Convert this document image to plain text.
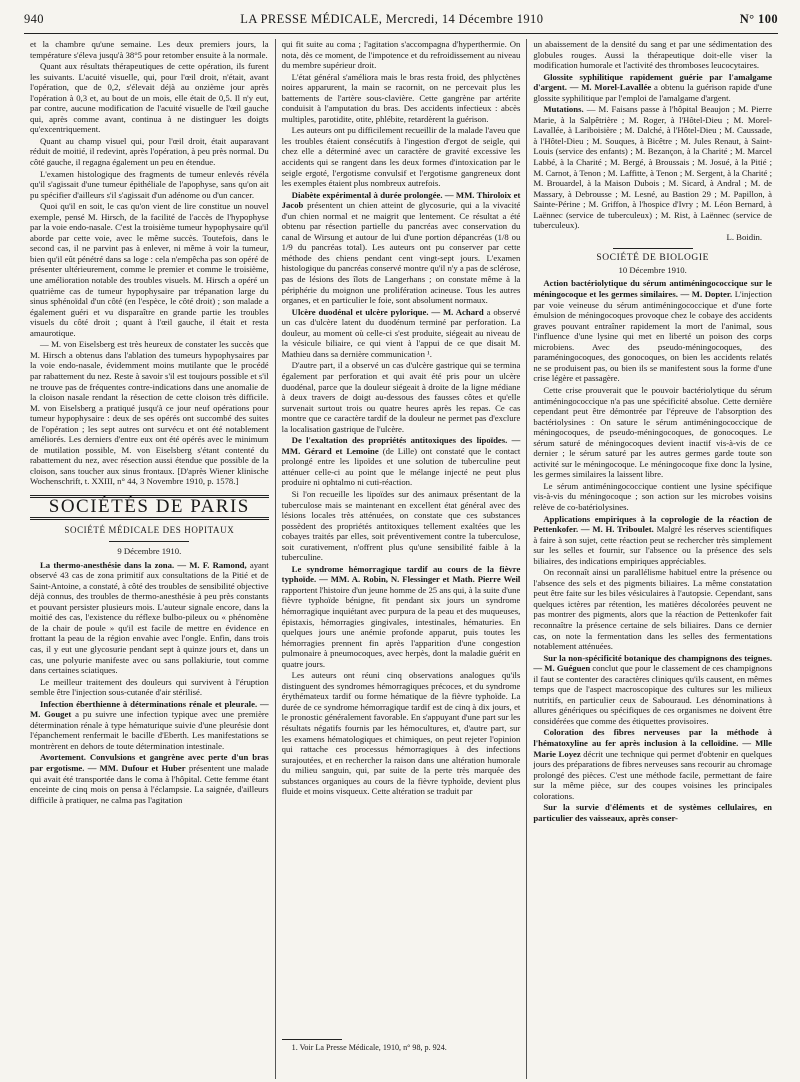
940	LA PRESSE MÉDICALE, Mercredi, 14 Décembre 1910	N° 100

et la chambre qu'une semaine. Les deux premiers jours, la température s'éleva jusqu'à 38°5 pour retomber ensuite à la normale.

Quant aux résultats thérapeutiques de cette opération, ils furent les suivants. L'acuité visuelle, qui, pour l'œil droit, n'était, avant l'opération, que de 0,2, s'élevait déjà au onzième jour après l'opération à 0,3 et, au bout de un mois, elle était de 0,5. Il n'y eut, par contre, aucune modification de l'acuité visuelle de l'œil gauche qui, après comme avant, continua à ne distinguer les doigts qu'excentriquement.

Quant au champ visuel qui, pour l'œil droit, était auparavant réduit de moitié, il redevint, après l'opération, à peu près normal. Du côté gauche, il regagna également un peu en étendue.

L'examen histologique des fragments de tumeur enlevés révéla qu'il s'agissait d'une tumeur épithéliale de l'apophyse, sans qu'on ait pu spécifier d'ailleurs s'il s'agissait d'un adénome ou d'un cancer.

Quoi qu'il en soit, le cas qu'on vient de lire constitue un nouvel exemple, pensé M. Hirsch, de la facilité de l'accès de l'hypophyse par la voie endo-nasale. C'est la troisième tumeur hypophysaire qu'il aborde par cette voie, avec le même succès. Toutefois, dans le second cas, il ne parvint pas à enlever, ni même à voir la tumeur, bien qu'il eût pénétré dans sa loge : cela n'empêcha pas son opéré de présenter ultérieurement, comme le premier et comme le troisième, une amélioration notable des troubles visuels. M. Hirsch a opéré un quatrième cas de tumeur hypophysaire par trépanation large du sinus sphénoïdal d'un côté (en l'espèce, le côté droit) ; son malade a également guéri et vu disparaître en grande partie les troubles visuels du côté droit ; quant à l'œil gauche, il était et resta amaurotique.

— M. von Eiselsberg est très heureux de constater les succès que M. Hirsch a obtenus dans l'ablation des tumeurs hypophysaires par la voie endo-nasale, évidemment moins mutilante que le procédé par rabattement du nez. Reste à savoir s'il est toujours possible et s'il ne trouve pas de fréquentes contre-indications dans une anomalie de la cloison nasale rendant la résection de cette cloison très difficile. M. von Eiselsberg a pratiqué jusqu'à ce jour neuf opérations pour tumeur hypophysaire : deux de ses opérés ont succombé des suites de l'opération ; les sept autres ont survécu et ont été notablement améliorés. Les derniers d'entre eux ont été opérés avec le minimum de mutilation possible, M. von Eiselsberg s'étant contenté du rabattement du nez, avec résection aussi étendue que possible de la cloison, sans toucher aux sinus frontaux. [D'après Wiener klinische Wochenschrift, t. XXIII, n° 44, 3 Novembre 1910, p. 1578.]

SOCIÉTÉS DE PARIS
SOCIÉTÉ MÉDICALE DES HOPITAUX
9 Décembre 1910.

La thermo-anesthésie dans la zona. — M. F. Ramond, ayant observé 43 cas de zona primitif aux consultations de la Pitié et de Saint-Antoine, a constaté, à côté des troubles de sensibilité objective déjà connus, des troubles de thermo-anesthésie à peu près constants et pouvant persister plusieurs mois. L'auteur signale encore, dans la moitié des cas, l'existence du réflexe bulbo-pileux ou « phénomène de la chair de poule » qu'il est facile de mettre en évidence en frottant la peau de la région envahie avec l'ongle. Enfin, dans trois cas, il y eut une glycosurie pendant sept à quinze jours et, dans un cas, une polyurie manifeste avec ou sans pollakiurie, tout comme dans certaines sciatiques.

Le meilleur traitement des douleurs qui survivent à l'éruption semble être l'injection sous-cutanée d'air stérilisé.

Infection éberthienne à déterminations rénale et pleurale. — M. Gouget a pu suivre une infection typique avec une première détermination rénale à type hématurique suivie d'une pleurésie dont l'épanchement renfermait le bacille d'Eberth. Les manifestations se montrèrent en dehors de toute détermination intestinale.

Avortement. Convulsions et gangrène avec perte d'un bras par ergotisme. — MM. Dufour et Huber présentent une malade qui avait été transportée dans le coma à l'hôpital. Cette femme étant enceinte de cinq mois on pensa à l'éclampsie. La saignée, d'ailleurs difficile à pratiquer, ne calma pas l'agitation

qui fit suite au coma ; l'agitation s'accompagna d'hyperthermie. On nota, dès ce moment, de l'impotence et du refroidissement au niveau du membre supérieur droit.

L'état général s'améliora mais le bras resta froid, des phlyctènes noires apparurent, la main se racornit, on ne percevait plus les battements de l'artère sous-clavière. Cette gangrène par artérite conduisit à l'amputation du bras. Des accidents infectieux : abcès multiples, parotidite, otite, phlébite, retardèrent la guérison.

Les auteurs ont pu difficilement recueillir de la malade l'aveu que les troubles étaient consécutifs à l'ingestion d'ergot de seigle, qui chez elle a déterminé avec un caractère de gravité excessive les accidents qui se rangent dans les deux formes d'intoxication par le seigle ergoté, l'ergotisme convulsif et l'ergotisme gangreneux dont les exemples étaient plus nombreux autrefois.

Diabète expérimental à durée prolongée. — MM. Thiroloix et Jacob présentent un chien atteint de glycosurie, qui a la vivacité d'un chien normal et ne maigrit que lentement. Ce résultat a été obtenu par résection partielle du pancréas avec conservation du canal de Wirsung et autour de lui d'une portion dépancréas (1/8 ou 1/9 du pancréas total). Les auteurs ont pu conserver par cette méthode des chiens pendant cent vingt-sept jours. L'examen histologique du pancréas conservé montre qu'il n'y a pas de sclérose, pas de lésions des îlots de Langerhans ; on constate même à la périphérie du moignon une prolifération acineuse. Tous les autres organes, et en particulier le foie, sont absolument normaux.

Ulcère duodénal et ulcère pylorique. — M. Achard a observé un cas d'ulcère latent du duodénum terminé par perforation. La douleur, au moment où celle-ci s'est produite, siégeait au niveau de la vésicule biliaire, ce qui vient à l'appui de ce que disait M. Mathieu dans sa dernière communication ¹.

D'autre part, il a observé un cas d'ulcère gastrique qui se termina également par perforation et qui avait été pris pour un ulcère duodénal, parce que la douleur siégeait à droite de la ligne médiane à deux travers de doigt au-dessous des fausses côtes et qu'elle survenait surtout trois ou quatre heures après les repas. Ce cas montre que ce caractère tardif de la douleur ne permet pas d'exclure la localisation gastrique de l'ulcère.

De l'exaltation des propriétés antitoxiques des lipoïdes. — MM. Gérard et Lemoine (de Lille) ont constaté que le contact prolongé entre les lipoïdes et une solution de tuberculine peut atténuer celle-ci au point que le mélange injecté ne peut plus produire ni ophtalmo ni cuti-réaction.

Si l'on recueille les lipoïdes sur des animaux présentant de la tuberculose mais se maintenant en excellent état général avec des lésions locales très atténuées, on constate que ces substances possèdent des propriétés antitoxiques tellement exaltées que les cobayes traités par elles, soit préventivement contre la tuberculose, soit curativement, n'offrent plus qu'une sensibilité faible à la tuberculine.

Le syndrome hémorragique tardif au cours de la fièvre typhoïde. — MM. A. Robin, N. Flessinger et Math. Pierre Weil rapportent l'histoire d'un jeune homme de 25 ans qui, à la suite d'une fièvre typhoïde bénigne, fit pendant six jours un syndrome hémorragique inquiétant avec purpura de la peau et des muqueuses, épistaxis, hémorragies gingivales, intestinales, hématuries. En quelques jours une anémie profonde apparut, puis toutes les hémorragies prennent fin après l'apparition d'une congestion pulmonaire à pneumocoques, avec herpès, dont la maladie guérit en quatre jours.

Les auteurs ont réuni cinq observations analogues qu'ils distinguent des syndromes hémorragiques précoces, et du syndrome érythémateux tardif ou forme hématique de la fièvre typhoïde. La durée de ce syndrome hémorragique tardif est de cinq à dix jours, et le pronostic généralement favorable. En s'appuyant d'une part sur les résultats négatifs fournis par les hémocultures, et, d'autre part, sur les examens hématologiques et chimiques, on peut rejeter l'opinion qui rattache ces processus hémorragiques à des infections surajoutées, et en rechercher la raison dans une altération humorale du milieu sanguin, qui, par suite de la perte très marquée des substances organiques au cours de la fièvre typhoïde, devient plus fluide et moins visqueux. Cette altération se traduit par

1. Voir La Presse Médicale, 1910, n° 98, p. 924.

un abaissement de la densité du sang et par une sédimentation des globules rouges. Aussi la thérapeutique doit-elle viser la modification humorale et l'activité des thromboses leucocytaires.

Glossite syphilitique rapidement guérie par l'amalgame d'argent. — M. Morel-Lavallée a obtenu la guérison rapide d'une glossite syphilitique par l'emploi de l'amalgame d'argent.

Mutations. — M. Faisans passe à l'hôpital Beaujon ; M. Pierre Marie, à la Salpêtrière ; M. Roger, à l'Hôtel-Dieu ; M. Morel-Lavallée, à Lariboisière ; M. Dalché, à l'Hôtel-Dieu ; M. Caussade, à l'Hôtel-Dieu ; M. Souques, à Bicêtre ; M. Jules Renaut, à Saint-Louis (service des enfants) ; M. Bezançon, à la Charité ; M. Marcel Labbé, à la Charité ; M. Bergé, à Broussais ; M. Josué, à la Pitié ; M. Carnot, à Tenon ; M. Laffitte, à Tenon ; M. Sergent, à la Charité ; M. Brouardel, à la Maison Dubois ; M. Sicard, à Andral ; M. de Massary, à Debrousse ; M. Lesné, au Bastion 29 ; M. Papillon, à Sainte-Périne ; M. Griffon, à l'hospice d'Ivry ; M. Léon Bernard, à Laënnec (service de tuberculeux) ; M. Rist, à Laënnec (service de tuberculeux).

L. Boidin.

SOCIÉTÉ DE BIOLOGIE
10 Décembre 1910.

Action bactériolytique du sérum antiméningococcique sur le méningocoque et les germes similaires. — M. Dopter. L'injection par voie veineuse du sérum antiméningococcique et d'une forte émulsion de méningocoques provoque chez le cobaye des accidents graves pouvant entraîner rapidement la mort de l'animal, sous l'influence d'une lysine qui met en liberté un poison des corps microbiens. Avec des pseudo-méningocoques, des paraméningocoques, des gonocoques, on bien les accidents relatés ne se produisent pas, ou bien ils se manifestent sous la forme d'une crise légère et passagère.

Cette crise prouverait que le pouvoir bactériolytique du sérum antiméningococcique n'a pas une spécificité absolue. Cette dernière cependant peut être démontrée par l'épreuve de l'absorption des bactériolysines : On sature le sérum antiméningococcique de méningocoques, de pseudo-méningocoques, de gonocoques. Le sérum saturé de méningocoques devient inactif vis-à-vis de ce dernier ; le sérum saturé par les autres germes garde toute son activité sur le méningocoque. Le méningocoque fixe donc la lysine, les germes similaires la laissent libre.

Le sérum antiméningococcique contient une lysine spécifique vis-à-vis du méningocoque ; son action sur les microbes voisins relève de co-batériolysines.

Applications empiriques à la coprologie de la réaction de Pettenkofer. — M. H. Triboulet. Malgré les réserves scientifiques à faire à son sujet, cette réaction peut se rechercher très simplement sur les selles et fournir, sur l'absence ou la présence des sels biliaires, des indications empiriques appréciables.

On reconnaît ainsi un parallélisme habituel entre la présence ou l'absence des sels et des pigments biliaires. La même constatation peut être faite sur les biles vésiculaires à l'autopsie. Cependant, sans quelques ictères par rétention, les matières décolorées peuvent ne pas montrer des pigments, alors que la réaction de Pettenkofer fait reconnaître la présence certaine de sels biliaires. Dans ce dernier cas, on note la fermentation dans les selles des fermentations notablement atténuées.

Sur la non-spécificité botanique des champignons des teignes. — M. Guéguen conclut que pour le classement de ces champignons il faut se contenter des caractères cliniques qu'ils causent, en mêmes temps que de l'aspect macroscopique des cultures sur les milieux nutritifs, en particulier ceux de Sabouraud. Les dénominations à allures génériques ou spécifiques de ces organismes ne doivent être considérées que comme des étiquettes provisoires.

Coloration des fibres nerveuses par la méthode à l'hématoxyline au fer après inclusion à la celloïdine. — Mlle Marie Loyez décrit une technique qui permet d'obtenir en quelques jours des préparations de fibres nerveuses sans recourir au chromage prolongé des pièces. C'est une méthode facile, permettant de faire sur la même pièce, sur des coupes voisines les principales colorations.

Sur la survie d'éléments et de systèmes cellulaires, en particulier des vaisseaux, après conser-
